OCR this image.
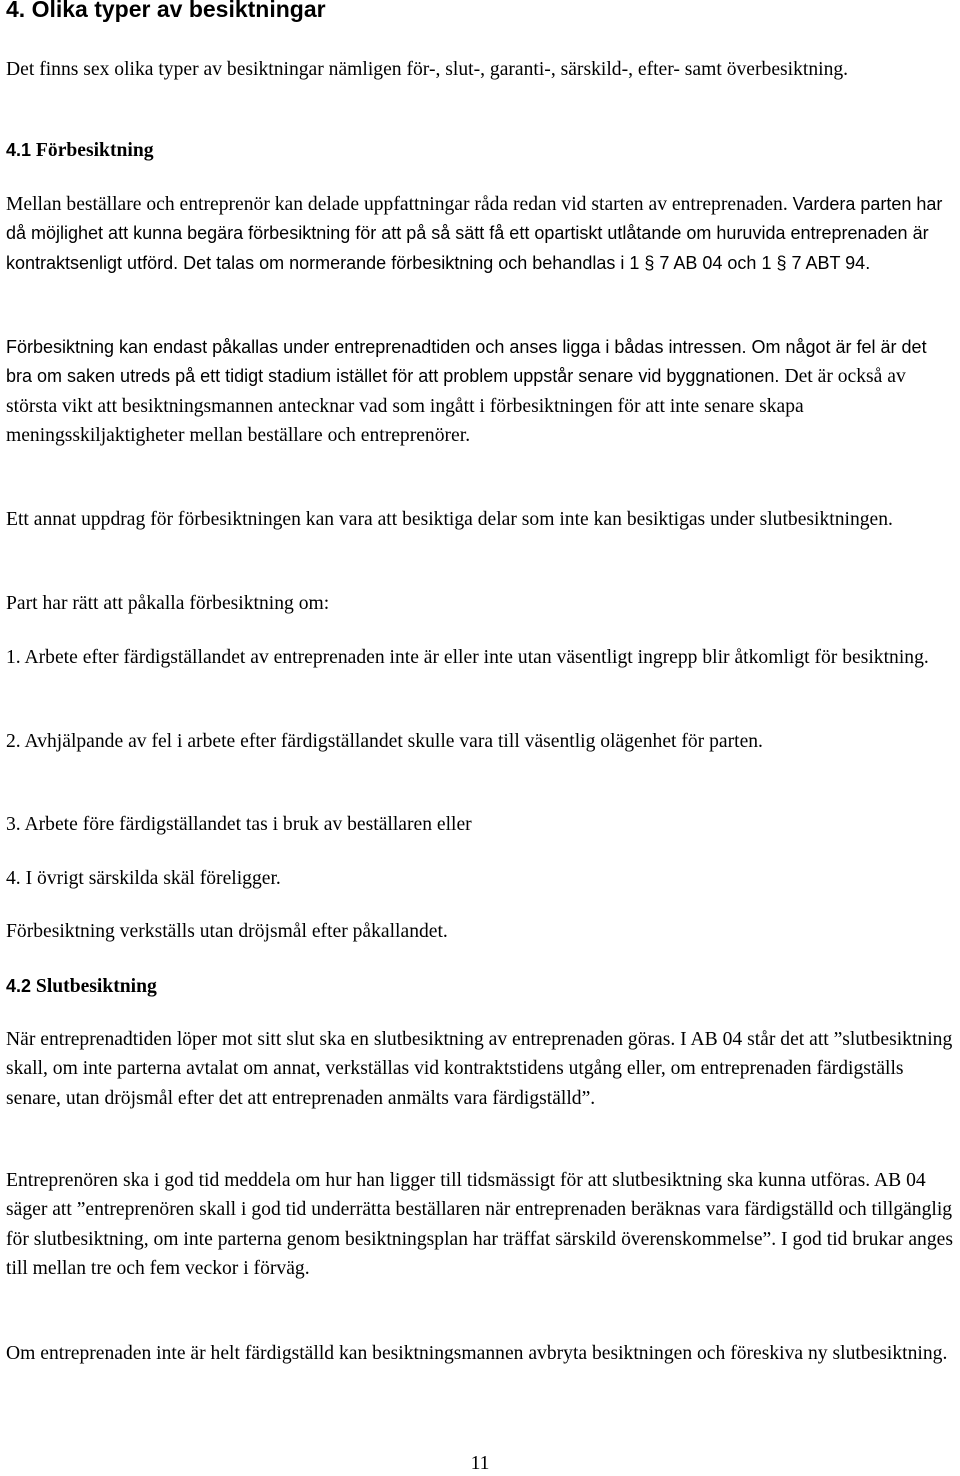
4. Olika typer av besiktningar

Det finns sex olika typer av besiktningar nämligen för-, slut-, garanti-, särskild-, efter- samt överbesiktning.

4.1 Förbesiktning

Mellan beställare och entreprenör kan delade uppfattningar råda redan vid starten av entreprenaden. Vardera parten har då möjlighet att kunna begära förbesiktning för att på så sätt få ett opartiskt utlåtande om huruvida entreprenaden är kontraktsenligt utförd. Det talas om normerande förbesiktning och behandlas i 1 § 7 AB 04 och 1 § 7 ABT 94.

Förbesiktning kan endast påkallas under entreprenadtiden och anses ligga i bådas intressen. Om något är fel är det bra om saken utreds på ett tidigt stadium istället för att problem uppstår senare vid byggnationen. Det är också av största vikt att besiktningsmannen antecknar vad som ingått i förbesiktningen för att inte senare skapa meningsskiljaktigheter mellan beställare och entreprenörer.

Ett annat uppdrag för förbesiktningen kan vara att besiktiga delar som inte kan besiktigas under slutbesiktningen.

Part har rätt att påkalla förbesiktning om:

1. Arbete efter färdigställandet av entreprenaden inte är eller inte utan väsentligt ingrepp blir åtkomligt för besiktning.

2. Avhjälpande av fel i arbete efter färdigställandet skulle vara till väsentlig olägenhet för parten.

3. Arbete före färdigställandet tas i bruk av beställaren eller

4. I övrigt särskilda skäl föreligger.

Förbesiktning verkställs utan dröjsmål efter påkallandet.

4.2 Slutbesiktning

När entreprenadtiden löper mot sitt slut ska en slutbesiktning av entreprenaden göras. I AB 04 står det att ”slutbesiktning skall, om inte parterna avtalat om annat, verkställas vid kontraktstidens utgång eller, om entreprenaden färdigställs senare, utan dröjsmål efter det att entreprenaden anmälts vara färdigställd”.

Entreprenören ska i god tid meddela om hur han ligger till tidsmässigt för att slutbesiktning ska kunna utföras. AB 04 säger att ”entreprenören skall i god tid underrätta beställaren när entreprenaden beräknas vara färdigställd och tillgänglig för slutbesiktning, om inte parterna genom besiktningsplan har träffat särskild överenskommelse”. I god tid brukar anges till mellan tre och fem veckor i förväg.

Om entreprenaden inte är helt färdigställd kan besiktningsmannen avbryta besiktningen och föreskiva ny slutbesiktning.

11
